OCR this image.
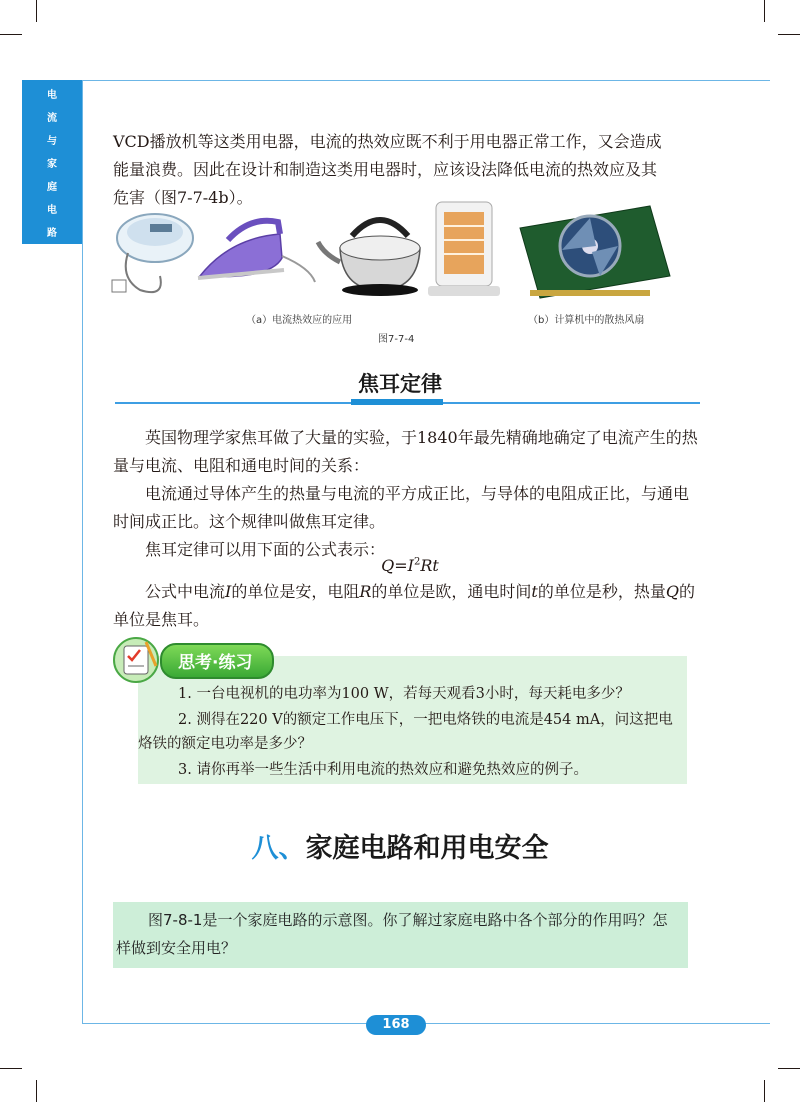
电
流
与
家
庭
电
路
VCD播放机等这类用电器，电流的热效应既不利于用电器正常工作，又会造成
能量浪费。因此在设计和制造这类用电器时，应该设法降低电流的热效应及其
危害（图7-7-4b）。
（a）电流热效应的应用	（b）计算机中的散热风扇
图7-7-4
焦耳定律
英国物理学家焦耳做了大量的实验，于1840年最先精确地确定了电流产生的热量与电流、电阻和通电时间的关系：
电流通过导体产生的热量与电流的平方成正比，与导体的电阻成正比，与通电时间成正比。这个规律叫做焦耳定律。
焦耳定律可以用下面的公式表示：
$Q=I^2Rt$
公式中电流I的单位是安，电阻R的单位是欧，通电时间t的单位是秒，热量Q的单位是焦耳。
思考·练习
1. 一台电视机的电功率为100 W，若每天观看3小时，每天耗电多少？
2. 测得在220 V的额定工作电压下，一把电烙铁的电流是454 mA，问这把电烙铁的额定电功率是多少？
3. 请你再举一些生活中利用电流的热效应和避免热效应的例子。
八、家庭电路和用电安全
图7-8-1是一个家庭电路的示意图。你了解过家庭电路中各个部分的作用吗？怎样做到安全用电？
168
